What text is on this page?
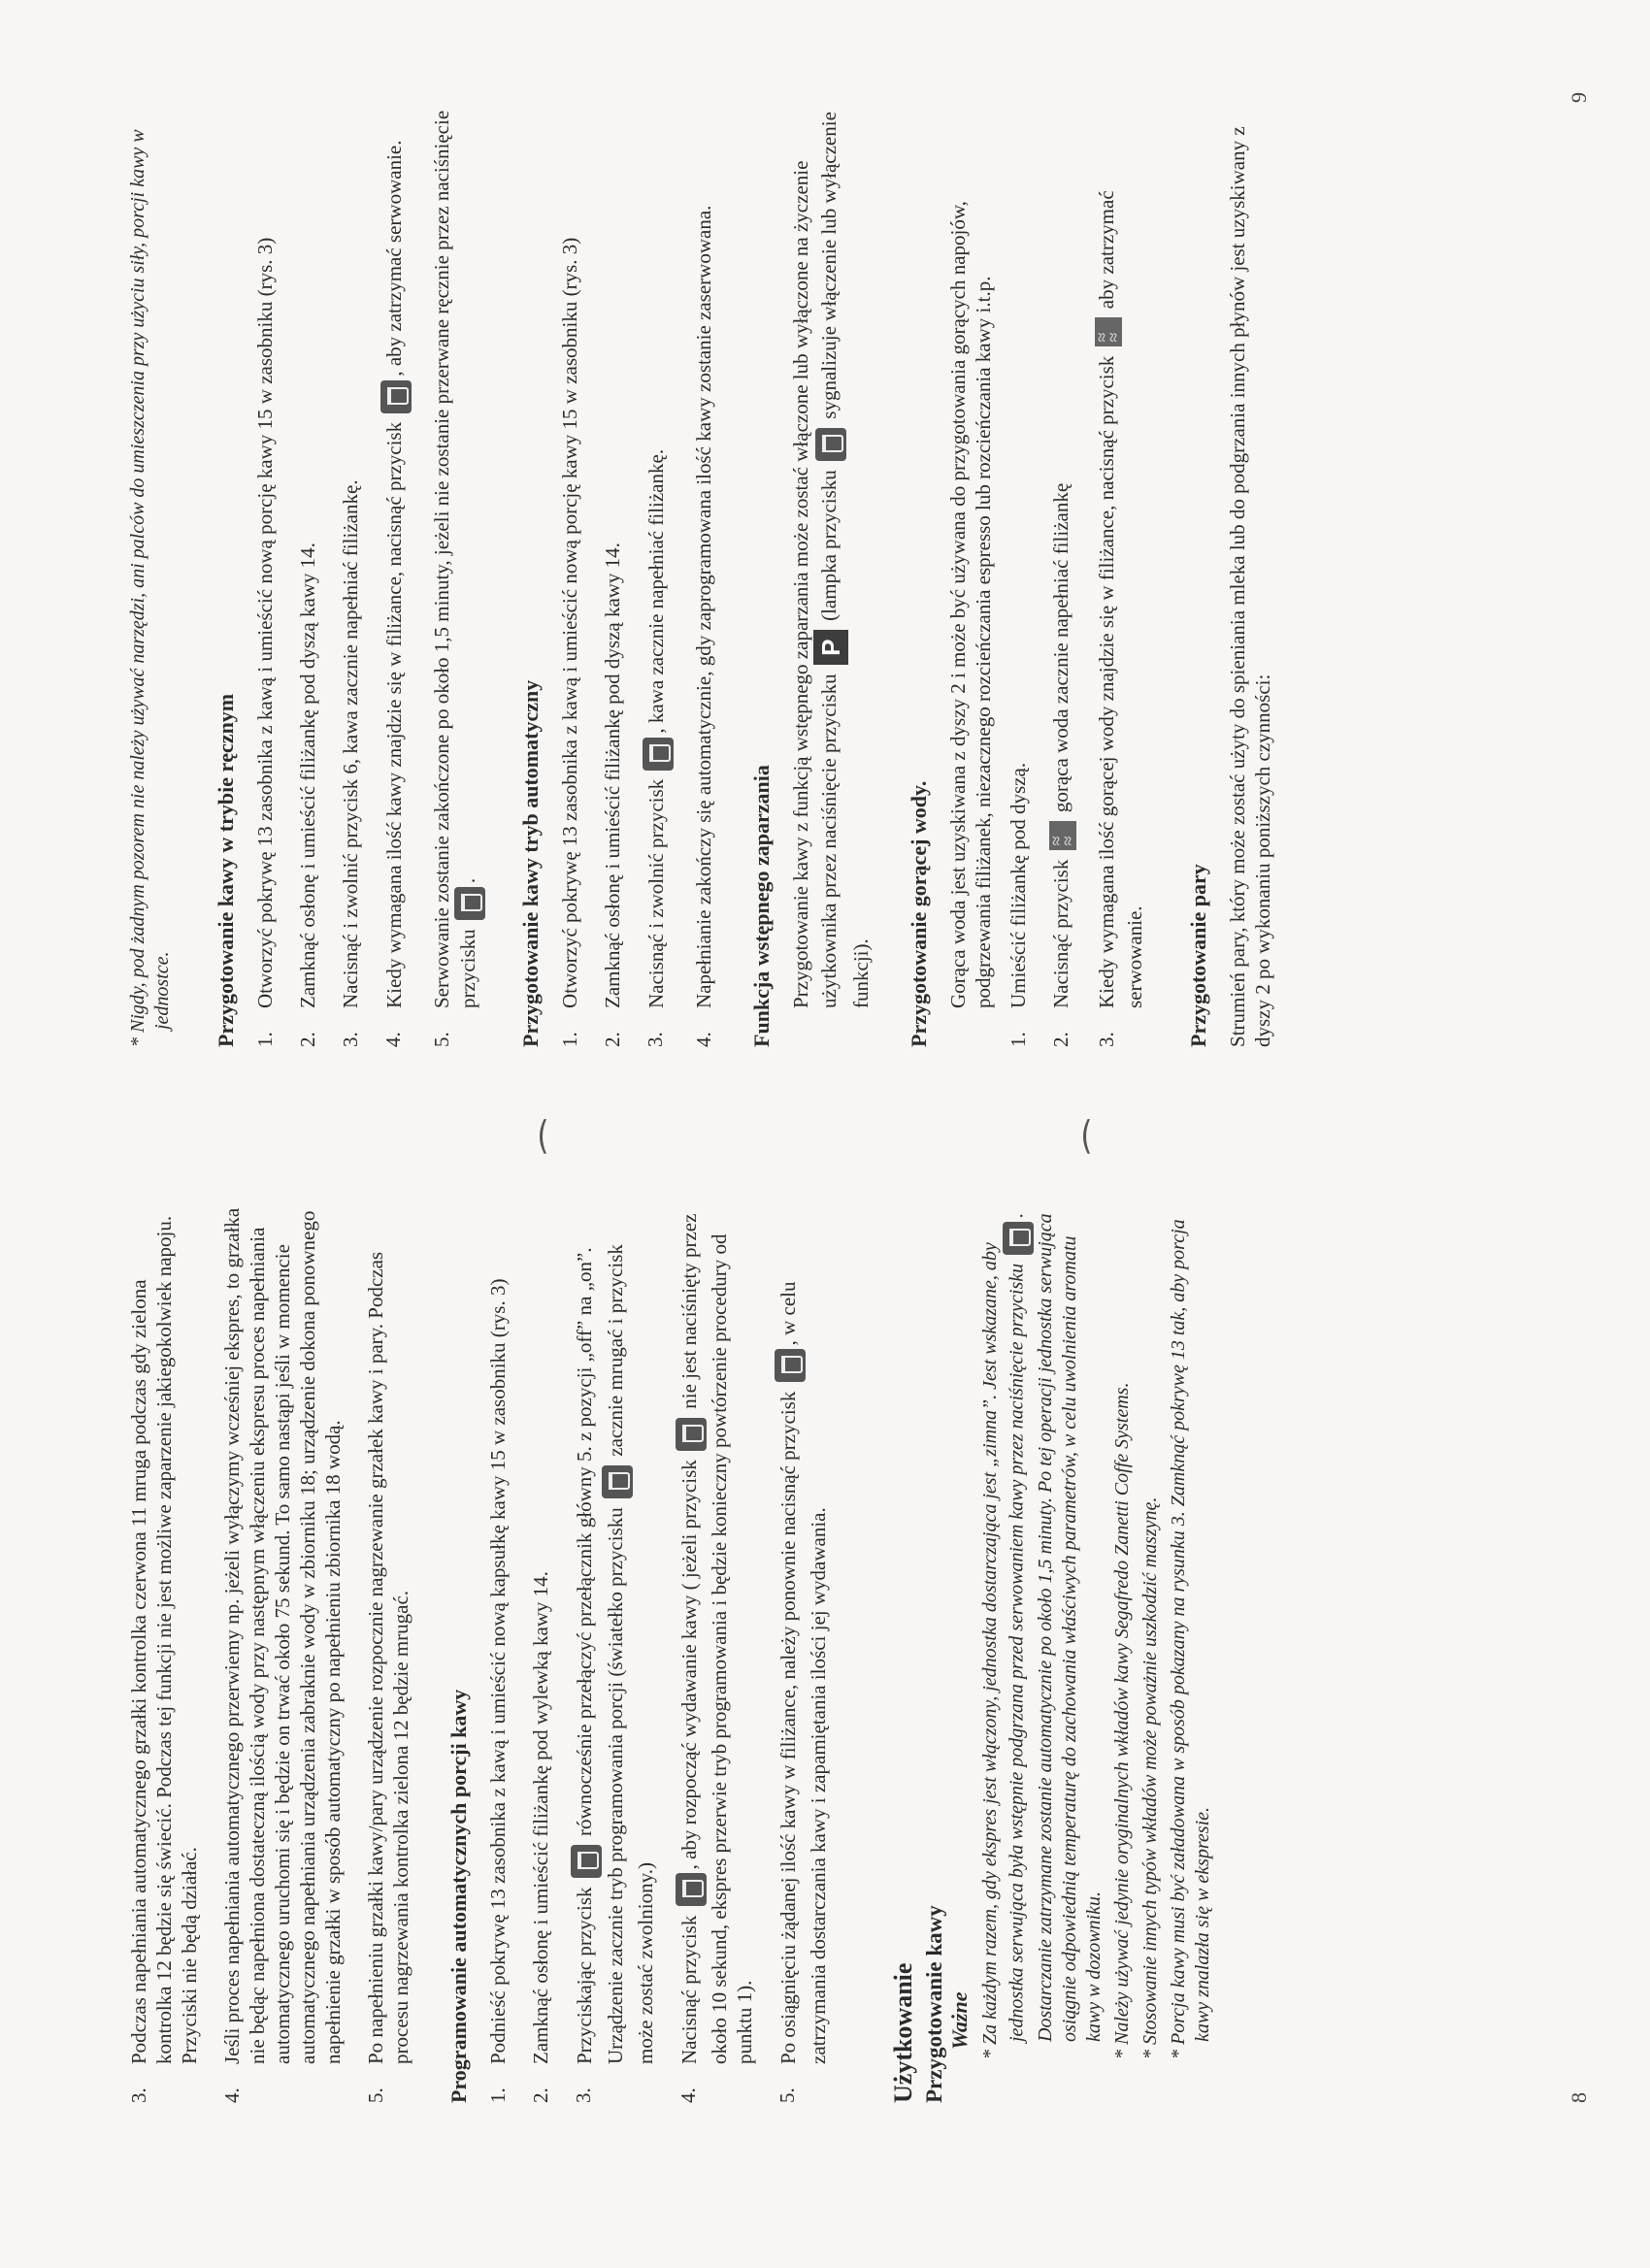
3.
Podczas napełniania automatycznego grzałki kontrolka czerwona 11 mruga podczas gdy zielona kontrolka 12 będzie się świecić. Podczas tej funkcji nie jest możliwe zaparzenie jakiegokolwiek napoju. Przyciski nie będą działać.
4.
Jeśli proces napełniania automatycznego przerwiemy np. jeżeli wyłączymy wcześniej ekspres, to grzałka nie będąc napełniona dostateczną ilością wody przy następnym włączeniu ekspresu proces napełniania automatycznego uruchomi się i będzie on trwać około 75 sekund. To samo nastąpi jeśli w momencie automatycznego napełniania urządzenia zabraknie wody w zbiorniku 18; urządzenie dokona ponownego napełnienie grzałki w sposób automatyczny po napełnieniu zbiornika 18 wodą.
5.
Po napełnieniu grzałki kawy/pary urządzenie rozpocznie nagrzewanie grzałek kawy i pary. Podczas procesu nagrzewania kontrolka zielona 12 będzie mrugać. Programowanie automatycznych porcji kawy 1.
Podnieść pokrywę 13 zasobnika z kawą i umieścić nową kapsułkę kawy 15 w zasobniku (rys. 3)
2.
Zamknąć osłonę i umieścić filiżankę pod wylewką kawy 14.
3.
Przyciskając przycisk  równocześnie przełączyć przełącznik główny 5. z pozycji „off” na „on”. Urządzenie zacznie tryb programowania porcji (światełko przycisku  zacznie mrugać i przycisk może zostać zwolniony.)
4.
Nacisnąć przycisk , aby rozpocząć wydawanie kawy ( jeżeli przycisk  nie jest naciśnięty przez około 10 sekund, ekspres przerwie tryb programowania i będzie konieczny powtórzenie procedury od punktu 1).
5.
Po osiągnięciu żądanej ilość kawy w filiżance, należy ponownie nacisnąć przycisk , w celu zatrzymania dostarczania kawy i zapamiętania ilości jej wydawania. Użytkowanie Przygotowanie kawy Ważne * Za każdym razem, gdy ekspres jest włączony, jednostka dostarczająca jest „zimna”. Jest wskazane, aby jednostka serwująca była wstępnie podgrzana przed serwowaniem kawy przez naciśnięcie przycisku . Dostarczanie zatrzymane zostanie automatycznie po około 1,5 minuty. Po tej operacji jednostka serwująca osiągnie odpowiednią temperaturę do zachowania właściwych parametrów, w celu uwolnienia aromatu kawy w dozowniku. * Należy używać jedynie oryginalnych wkładów kawy Segafredo Zanetti Coffe Systems. * Stosowanie innych typów wkładów może poważnie uszkodzić maszynę. * Porcja kawy musi być załadowana w sposób pokazany na rysunku 3. Zamknąć pokrywę 13 tak, aby porcja kawy znalazła się w ekspresie.
8
⁀	⁀
* Nigdy, pod żadnym pozorem nie należy używać narzędzi, ani palców do umieszczenia przy użyciu siły, porcji kawy w jednostce. Przygotowanie kawy w trybie ręcznym 1.
Otworzyć pokrywę 13 zasobnika z kawą i umieścić nową porcję kawy 15 w zasobniku (rys. 3)
2.
Zamknąć osłonę i umieścić filiżankę pod dyszą kawy 14.
3.
Nacisnąć i zwolnić przycisk 6, kawa zacznie napełniać filiżankę.
4.
Kiedy wymagana ilość kawy znajdzie się w filiżance, nacisnąć przycisk , aby zatrzymać serwowanie.
5.
Serwowanie zostanie zakończone po około 1,5 minuty, jeżeli nie zostanie przerwane ręcznie przez naciśnięcie przycisku . Przygotowanie kawy tryb automatyczny 1.
Otworzyć pokrywę 13 zasobnika z kawą i umieścić nową porcję kawy 15 w zasobniku (rys. 3)
2.
Zamknąć osłonę i umieścić filiżankę pod dyszą kawy 14.
3.
Nacisnąć i zwolnić przycisk , kawa zacznie napełniać filiżankę.
4.
Napełnianie zakończy się automatycznie, gdy zaprogramowana ilość kawy zostanie zaserwowana. Funkcja wstępnego zaparzania Przygotowanie kawy z funkcją wstępnego zaparzania może zostać włączone lub wyłączone na życzenie użytkownika przez naciśnięcie przycisku P (lampka przycisku  sygnalizuje włączenie lub wyłączenie funkcji). Przygotowanie gorącej wody. Gorąca woda jest uzyskiwana z dyszy 2 i może być używana do przygotowania gorących napojów, podgrzewania filiżanek, niezacznego rozcieńczania espresso lub rozcieńczania kawy i.t.p.
1.
Umieścić filiżankę pod dyszą.
2.
Nacisnąć przycisk ≈ ≈ gorąca woda zacznie napełniać filiżankę
3.
Kiedy wymagana ilość gorącej wody znajdzie się w filiżance, nacisnąć przycisk ≈ ≈ aby zatrzymać serwowanie. Przygotowanie pary Strumień pary, który może zostać użyty do spieniania mleka lub do podgrzania innych płynów jest uzyskiwany z dyszy 2 po wykonaniu poniższych czynności:
9
